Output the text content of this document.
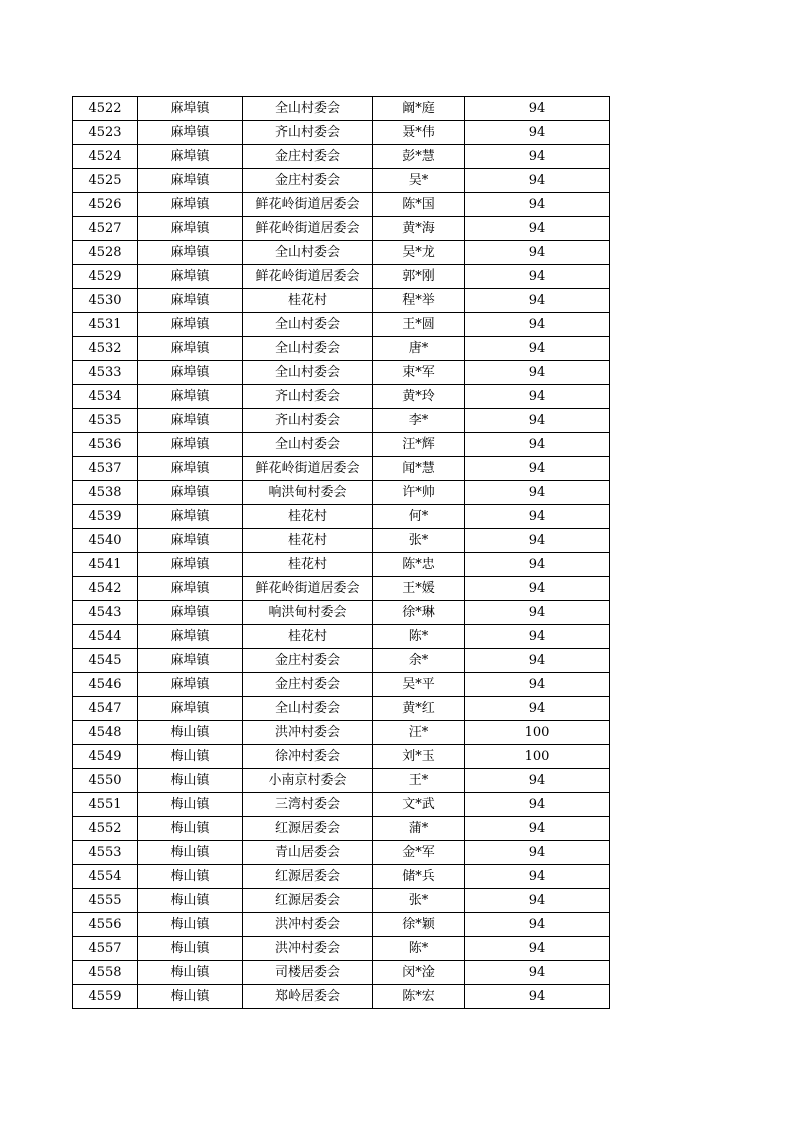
4522	麻埠镇	全山村委会	阚*庭	94
4523	麻埠镇	齐山村委会	聂*伟	94
4524	麻埠镇	金庄村委会	彭*慧	94
4525	麻埠镇	金庄村委会	吴*	94
4526	麻埠镇	鲜花岭街道居委会	陈*国	94
4527	麻埠镇	鲜花岭街道居委会	黄*海	94
4528	麻埠镇	全山村委会	吴*龙	94
4529	麻埠镇	鲜花岭街道居委会	郭*刚	94
4530	麻埠镇	桂花村	程*举	94
4531	麻埠镇	全山村委会	王*圆	94
4532	麻埠镇	全山村委会	唐*	94
4533	麻埠镇	全山村委会	束*军	94
4534	麻埠镇	齐山村委会	黄*玲	94
4535	麻埠镇	齐山村委会	李*	94
4536	麻埠镇	全山村委会	汪*辉	94
4537	麻埠镇	鲜花岭街道居委会	闻*慧	94
4538	麻埠镇	响洪甸村委会	许*帅	94
4539	麻埠镇	桂花村	何*	94
4540	麻埠镇	桂花村	张*	94
4541	麻埠镇	桂花村	陈*忠	94
4542	麻埠镇	鲜花岭街道居委会	王*媛	94
4543	麻埠镇	响洪甸村委会	徐*琳	94
4544	麻埠镇	桂花村	陈*	94
4545	麻埠镇	金庄村委会	余*	94
4546	麻埠镇	金庄村委会	吴*平	94
4547	麻埠镇	全山村委会	黄*红	94
4548	梅山镇	洪冲村委会	汪*	100
4549	梅山镇	徐冲村委会	刘*玉	100
4550	梅山镇	小南京村委会	王*	94
4551	梅山镇	三湾村委会	文*武	94
4552	梅山镇	红源居委会	蒲*	94
4553	梅山镇	青山居委会	金*军	94
4554	梅山镇	红源居委会	储*兵	94
4555	梅山镇	红源居委会	张*	94
4556	梅山镇	洪冲村委会	徐*颖	94
4557	梅山镇	洪冲村委会	陈*	94
4558	梅山镇	司楼居委会	闵*淦	94
4559	梅山镇	郑岭居委会	陈*宏	94
